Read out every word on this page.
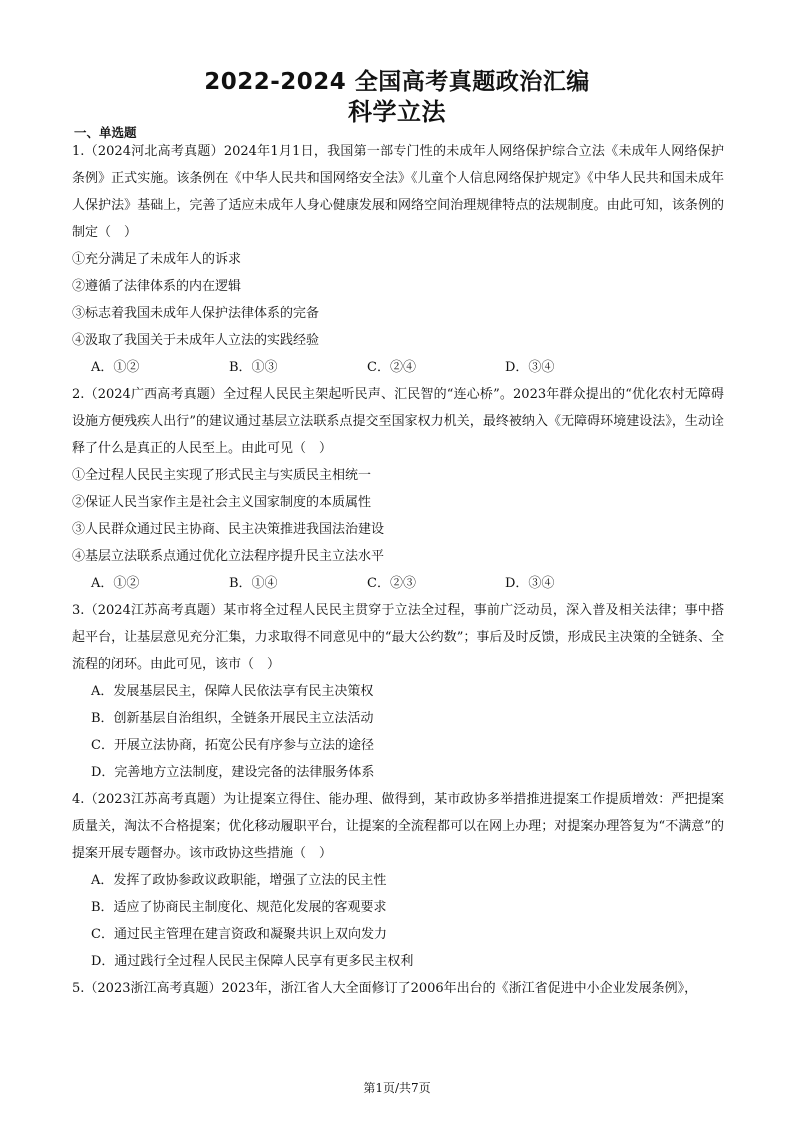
2022-2024 全国高考真题政治汇编
科学立法
一、单选题
1.（2024河北高考真题）2024年1月1日，我国第一部专门性的未成年人网络保护综合立法《未成年人网络保护条例》正式实施。该条例在《中华人民共和国网络安全法》《儿童个人信息网络保护规定》《中华人民共和国未成年人保护法》基础上，完善了适应未成年人身心健康发展和网络空间治理规律特点的法规制度。由此可知，该条例的制定（　）
①充分满足了未成年人的诉求
②遵循了法律体系的内在逻辑
③标志着我国未成年人保护法律体系的完备
④汲取了我国关于未成年人立法的实践经验
A．①②	B．①③	C．②④	D．③④
2.（2024广西高考真题）全过程人民民主架起听民声、汇民智的“连心桥”。2023年群众提出的“优化农村无障碍设施方便残疾人出行”的建议通过基层立法联系点提交至国家权力机关，最终被纳入《无障碍环境建设法》，生动诠释了什么是真正的人民至上。由此可见（　）
①全过程人民民主实现了形式民主与实质民主相统一
②保证人民当家作主是社会主义国家制度的本质属性
③人民群众通过民主协商、民主决策推进我国法治建设
④基层立法联系点通过优化立法程序提升民主立法水平
A．①②	B．①④	C．②③	D．③④
3.（2024江苏高考真题）某市将全过程人民民主贯穿于立法全过程，事前广泛动员，深入普及相关法律；事中搭起平台，让基层意见充分汇集，力求取得不同意见中的“最大公约数”；事后及时反馈，形成民主决策的全链条、全流程的闭环。由此可见，该市（　）
A．发展基层民主，保障人民依法享有民主决策权
B．创新基层自治组织，全链条开展民主立法活动
C．开展立法协商，拓宽公民有序参与立法的途径
D．完善地方立法制度，建设完备的法律服务体系
4.（2023江苏高考真题）为让提案立得住、能办理、做得到，某市政协多举措推进提案工作提质增效：严把提案质量关，淘汰不合格提案；优化移动履职平台，让提案的全流程都可以在网上办理；对提案办理答复为“不满意”的提案开展专题督办。该市政协这些措施（　）
A．发挥了政协参政议政职能，增强了立法的民主性
B．适应了协商民主制度化、规范化发展的客观要求
C．通过民主管理在建言资政和凝聚共识上双向发力
D．通过践行全过程人民民主保障人民享有更多民主权利
5.（2023浙江高考真题）2023年，浙江省人大全面修订了2006年出台的《浙江省促进中小企业发展条例》，
第1页/共7页
